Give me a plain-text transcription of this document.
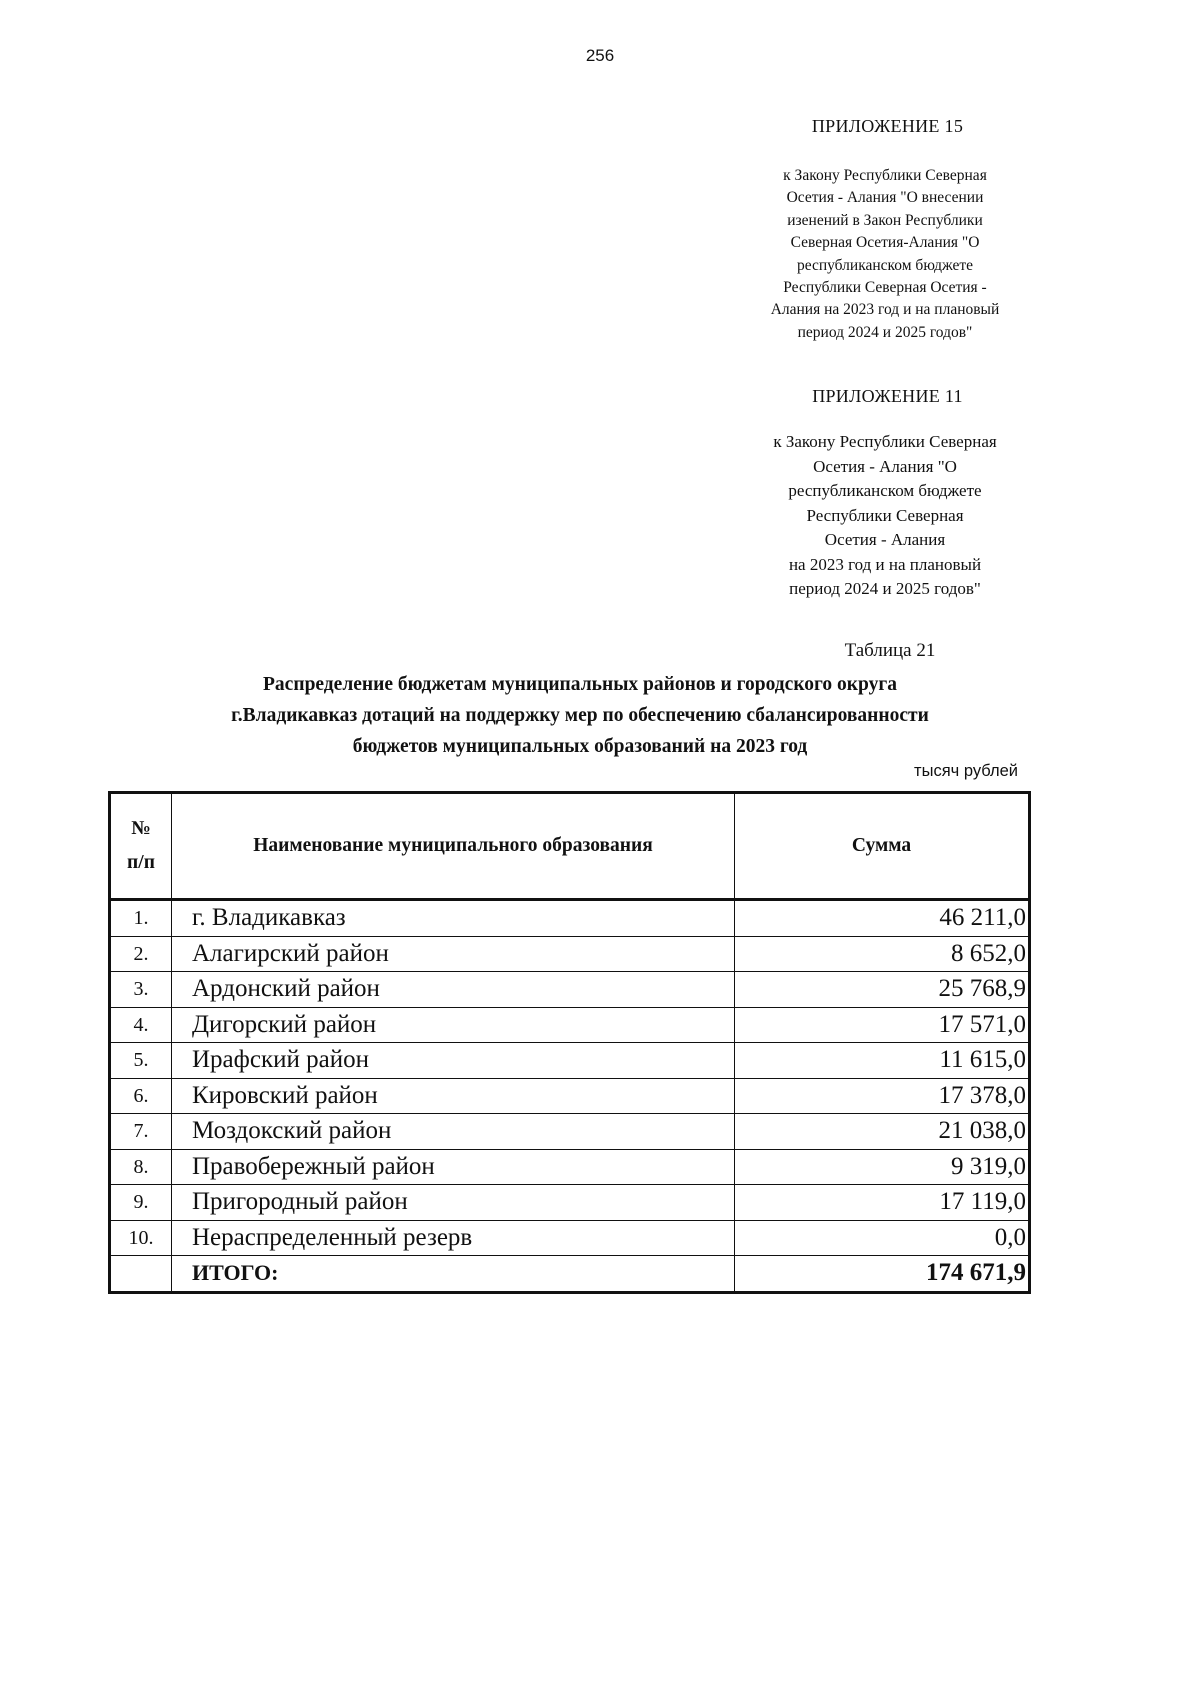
256
ПРИЛОЖЕНИЕ 15
к Закону Республики Северная
Осетия - Алания "О внесении
изенений в Закон Республики
Северная Осетия-Алания "О
республиканском бюджете
Республики Северная Осетия -
Алания на 2023 год и на плановый
период 2024 и 2025 годов"
ПРИЛОЖЕНИЕ 11
к Закону Республики Северная
Осетия - Алания "О
республиканском бюджете
Республики Северная
Осетия - Алания
на 2023 год и на плановый
период 2024 и 2025 годов"
Таблица 21
Распределение бюджетам муниципальных районов и городского округа
г.Владикавказ дотаций на поддержку мер по обеспечению сбалансированности
бюджетов муниципальных образований на 2023 год
тысяч рублей
№
п/п	Наименование муниципального образования	Сумма
1.	г. Владикавказ	46 211,0
2.	Алагирский район	8 652,0
3.	Ардонский район	25 768,9
4.	Дигорский район	17 571,0
5.	Ирафский район	11 615,0
6.	Кировский район	17 378,0
7.	Моздокский район	21 038,0
8.	Правобережный район	9 319,0
9.	Пригородный район	17 119,0
10.	Нераспределенный резерв	0,0
	ИТОГО:	174 671,9
